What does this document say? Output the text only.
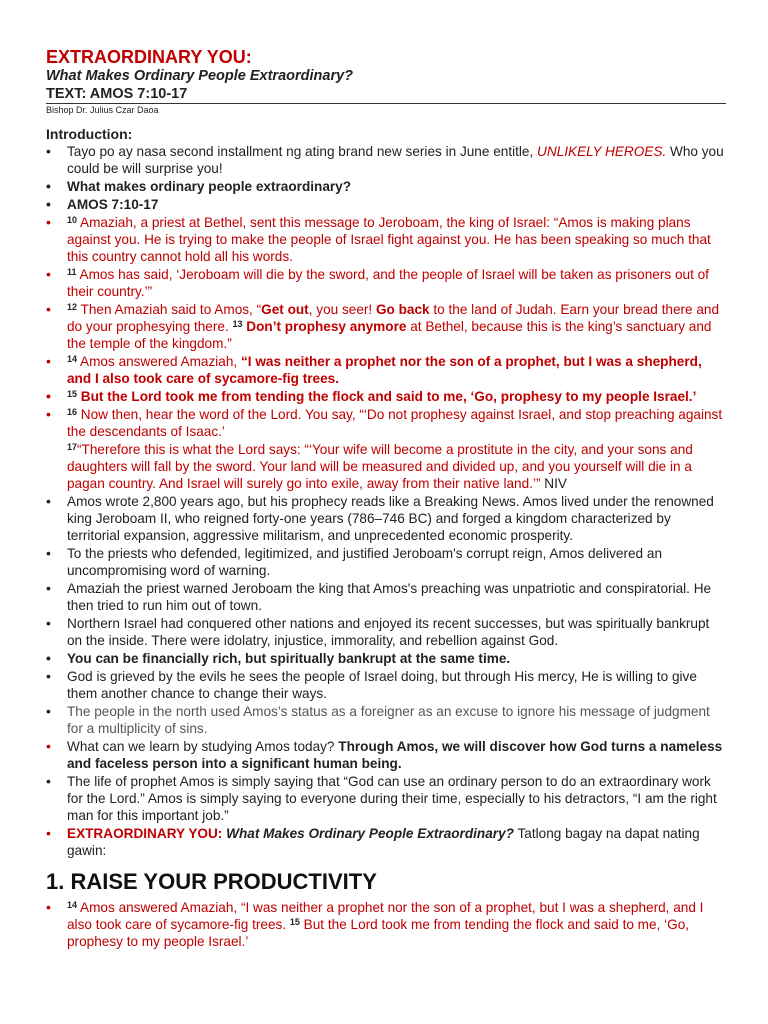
EXTRAORDINARY YOU:

What Makes Ordinary People Extraordinary?

TEXT: AMOS 7:10-17

Bishop Dr. Julius Czar Daoa

Introduction:

• Tayo po ay nasa second installment ng ating brand new series in June entitle, UNLIKELY HEROES. Who you could be will surprise you!
• What makes ordinary people extraordinary?
• AMOS 7:10-17
• $^{10}$ Amaziah, a priest at Bethel, sent this message to Jeroboam, the king of Israel: “Amos is making plans against you. He is trying to make the people of Israel fight against you. He has been speaking so much that this country cannot hold all his words.
• $^{11}$ Amos has said, ‘Jeroboam will die by the sword, and the people of Israel will be taken as prisoners out of their country.’”
• $^{12}$ Then Amaziah said to Amos, “Get out, you seer! Go back to the land of Judah. Earn your bread there and do your prophesying there. $^{13}$ Don’t prophesy anymore at Bethel, because this is the king’s sanctuary and the temple of the kingdom.”
• $^{14}$ Amos answered Amaziah, “I was neither a prophet nor the son of a prophet, but I was a shepherd, and I also took care of sycamore-fig trees.
• $^{15}$ But the Lord took me from tending the flock and said to me, ‘Go, prophesy to my people Israel.’
• $^{16}$ Now then, hear the word of the Lord. You say, “‘Do not prophesy against Israel, and stop preaching against the descendants of Isaac.’

$^{17}$“Therefore this is what the Lord says: “‘Your wife will become a prostitute in the city, and your sons and daughters will fall by the sword. Your land will be measured and divided up, and you yourself will die in a pagan country. And Israel will surely go into exile, away from their native land.’” NIV

• Amos wrote 2,800 years ago, but his prophecy reads like a Breaking News. Amos lived under the renowned king Jeroboam II, who reigned forty-one years (786–746 BC) and forged a kingdom characterized by territorial expansion, aggressive militarism, and unprecedented economic prosperity.
• To the priests who defended, legitimized, and justified Jeroboam's corrupt reign, Amos delivered an uncompromising word of warning.
• Amaziah the priest warned Jeroboam the king that Amos's preaching was unpatriotic and conspiratorial. He then tried to run him out of town.
• Northern Israel had conquered other nations and enjoyed its recent successes, but was spiritually bankrupt on the inside. There were idolatry, injustice, immorality, and rebellion against God.
• You can be financially rich, but spiritually bankrupt at the same time.
• God is grieved by the evils he sees the people of Israel doing, but through His mercy, He is willing to give them another chance to change their ways.
• The people in the north used Amos’s status as a foreigner as an excuse to ignore his message of judgment for a multiplicity of sins.
• What can we learn by studying Amos today? Through Amos, we will discover how God turns a nameless and faceless person into a significant human being.
• The life of prophet Amos is simply saying that “God can use an ordinary person to do an extraordinary work for the Lord.” Amos is simply saying to everyone during their time, especially to his detractors, “I am the right man for this important job.”
• EXTRAORDINARY YOU: What Makes Ordinary People Extraordinary? Tatlong bagay na dapat nating gawin:
1. RAISE YOUR PRODUCTIVITY
• $^{14}$ Amos answered Amaziah, “I was neither a prophet nor the son of a prophet, but I was a shepherd, and I also took care of sycamore-fig trees. $^{15}$ But the Lord took me from tending the flock and said to me, ‘Go, prophesy to my people Israel.’
